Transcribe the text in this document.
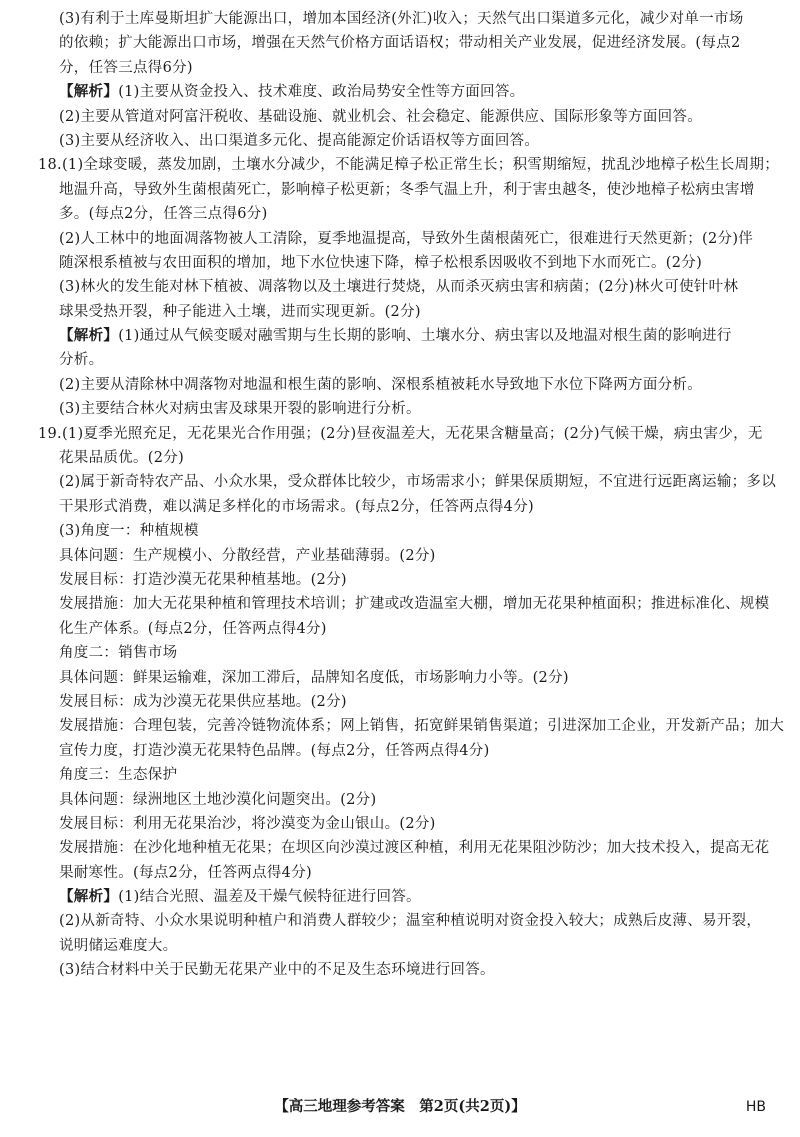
(3)有利于土库曼斯坦扩大能源出口，增加本国经济(外汇)收入；天然气出口渠道多元化，减少对单一市场
的依赖；扩大能源出口市场，增强在天然气价格方面话语权；带动相关产业发展，促进经济发展。(每点2
分，任答三点得6分)
【解析】(1)主要从资金投入、技术难度、政治局势安全性等方面回答。
(2)主要从管道对阿富汗税收、基础设施、就业机会、社会稳定、能源供应、国际形象等方面回答。
(3)主要从经济收入、出口渠道多元化、提高能源定价话语权等方面回答。
18.(1)全球变暖，蒸发加剧，土壤水分减少，不能满足樟子松正常生长；积雪期缩短，扰乱沙地樟子松生长周期；
地温升高，导致外生菌根菌死亡，影响樟子松更新；冬季气温上升，利于害虫越冬，使沙地樟子松病虫害增
多。(每点2分，任答三点得6分)
(2)人工林中的地面凋落物被人工清除，夏季地温提高，导致外生菌根菌死亡，很难进行天然更新；(2分)伴
随深根系植被与农田面积的增加，地下水位快速下降，樟子松根系因吸收不到地下水而死亡。(2分)
(3)林火的发生能对林下植被、凋落物以及土壤进行焚烧，从而杀灭病虫害和病菌；(2分)林火可使针叶林
球果受热开裂，种子能进入土壤，进而实现更新。(2分)
【解析】(1)通过从气候变暖对融雪期与生长期的影响、土壤水分、病虫害以及地温对根生菌的影响进行
分析。
(2)主要从清除林中凋落物对地温和根生菌的影响、深根系植被耗水导致地下水位下降两方面分析。
(3)主要结合林火对病虫害及球果开裂的影响进行分析。
19.(1)夏季光照充足，无花果光合作用强；(2分)昼夜温差大，无花果含糖量高；(2分)气候干燥，病虫害少，无
花果品质优。(2分)
(2)属于新奇特农产品、小众水果，受众群体比较少，市场需求小；鲜果保质期短，不宜进行远距离运输；多以
干果形式消费，难以满足多样化的市场需求。(每点2分，任答两点得4分)
(3)角度一：种植规模
具体问题：生产规模小、分散经营，产业基础薄弱。(2分)
发展目标：打造沙漠无花果种植基地。(2分)
发展措施：加大无花果种植和管理技术培训；扩建或改造温室大棚，增加无花果种植面积；推进标准化、规模
化生产体系。(每点2分，任答两点得4分)
角度二：销售市场
具体问题：鲜果运输难，深加工滞后，品牌知名度低，市场影响力小等。(2分)
发展目标：成为沙漠无花果供应基地。(2分)
发展措施：合理包装，完善冷链物流体系；网上销售，拓宽鲜果销售渠道；引进深加工企业，开发新产品；加大
宣传力度，打造沙漠无花果特色品牌。(每点2分，任答两点得4分)
角度三：生态保护
具体问题：绿洲地区土地沙漠化问题突出。(2分)
发展目标：利用无花果治沙，将沙漠变为金山银山。(2分)
发展措施：在沙化地种植无花果；在坝区向沙漠过渡区种植，利用无花果阻沙防沙；加大技术投入，提高无花
果耐寒性。(每点2分，任答两点得4分)
【解析】(1)结合光照、温差及干燥气候特征进行回答。
(2)从新奇特、小众水果说明种植户和消费人群较少；温室种植说明对资金投入较大；成熟后皮薄、易开裂，
说明储运难度大。
(3)结合材料中关于民勤无花果产业中的不足及生态环境进行回答。
【高三地理参考答案　第2页(共2页)】	HB
